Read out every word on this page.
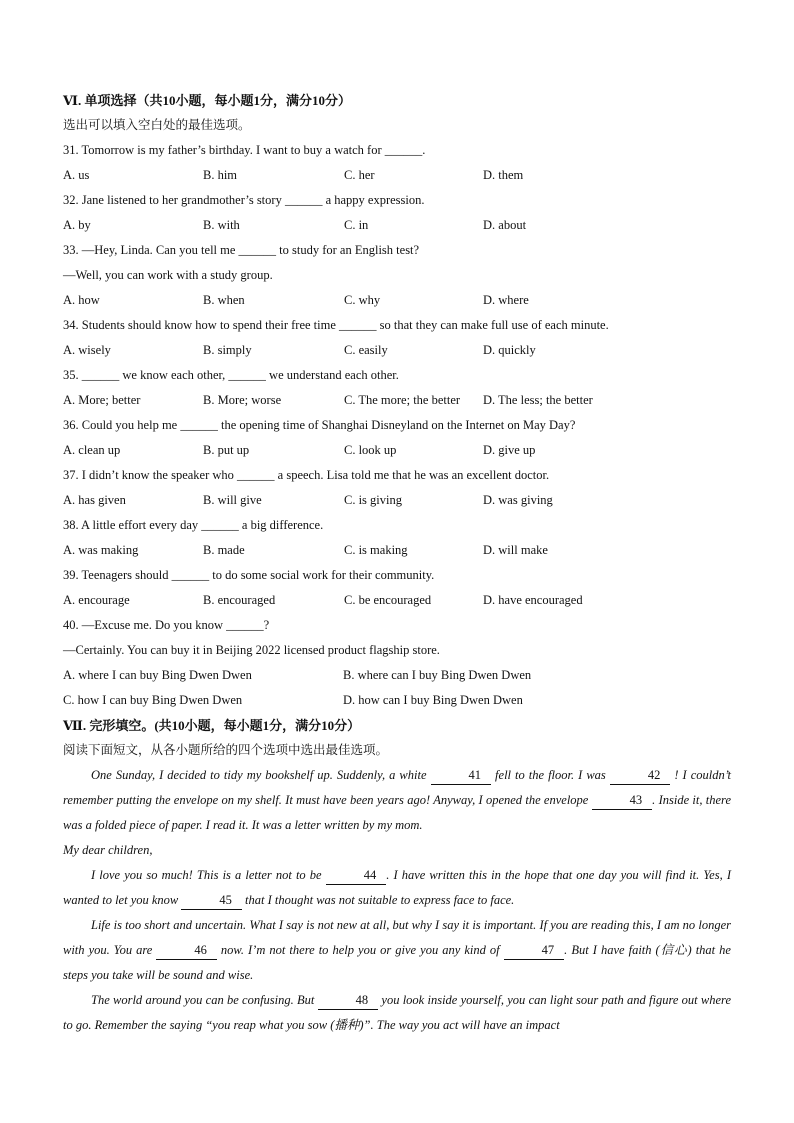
Ⅵ. 单项选择（共10小题，每小题1分，满分10分）
选出可以填入空白处的最佳选项。
31. Tomorrow is my father’s birthday. I want to buy a watch for ______.
A. us	B. him	C. her	D. them
32. Jane listened to her grandmother’s story ______ a happy expression.
A. by	B. with	C. in	D. about
33. —Hey, Linda. Can you tell me ______ to study for an English test?
—Well, you can work with a study group.
A. how	B. when	C. why	D. where
34. Students should know how to spend their free time ______ so that they can make full use of each minute.
A. wisely	B. simply	C. easily	D. quickly
35. ______ we know each other, ______ we understand each other.
A. More; better	B. More; worse	C. The more; the better D. The less; the better
36. Could you help me ______ the opening time of Shanghai Disneyland on the Internet on May Day?
A. clean up	B. put up	C. look up	D. give up
37. I didn’t know the speaker who ______ a speech. Lisa told me that he was an excellent doctor.
A. has given	B. will give	C. is giving	D. was giving
38. A little effort every day ______ a big difference.
A. was making	B. made	C. is making	D. will make
39. Teenagers should ______ to do some social work for their community.
A. encourage	B. encouraged	C. be encouraged	D. have encouraged
40. —Excuse me. Do you know ______?
—Certainly. You can buy it in Beijing 2022 licensed product flagship store.
A. where I can buy Bing Dwen Dwen	B. where can I buy Bing Dwen Dwen
C. how I can buy Bing Dwen Dwen	D. how can I buy Bing Dwen Dwen
Ⅶ. 完形填空。(共10小题，每小题1分，满分10分）
阅读下面短文，从各小题所给的四个选项中选出最佳选项。

One Sunday, I decided to tidy my bookshelf up. Suddenly, a white	41 fell to the floor. I was	42 ! I couldn’t remember putting the envelope on my shelf. It must have been years ago! Anyway, I opened the envelope	43 . Inside it, there was a folded piece of paper. I read it. It was a letter written by my mom.

My dear children,

I love you so much! This is a letter not to be	44 . I have written this in the hope that one day you will find it. Yes, I wanted to let you know	45 that I thought was not suitable to express face to face.

Life is too short and uncertain. What I say is not new at all, but why I say it is important. If you are reading this, I am no longer with you. You are	46 now. I’m not there to help you or give you any kind of	47 . But I have faith (信心) that he steps you take will be sound and wise.

The world around you can be confusing. But	48 you look inside yourself, you can light sour path and figure out where to go. Remember the saying “you reap what you sow (播种)”. The way you act will have an impact
